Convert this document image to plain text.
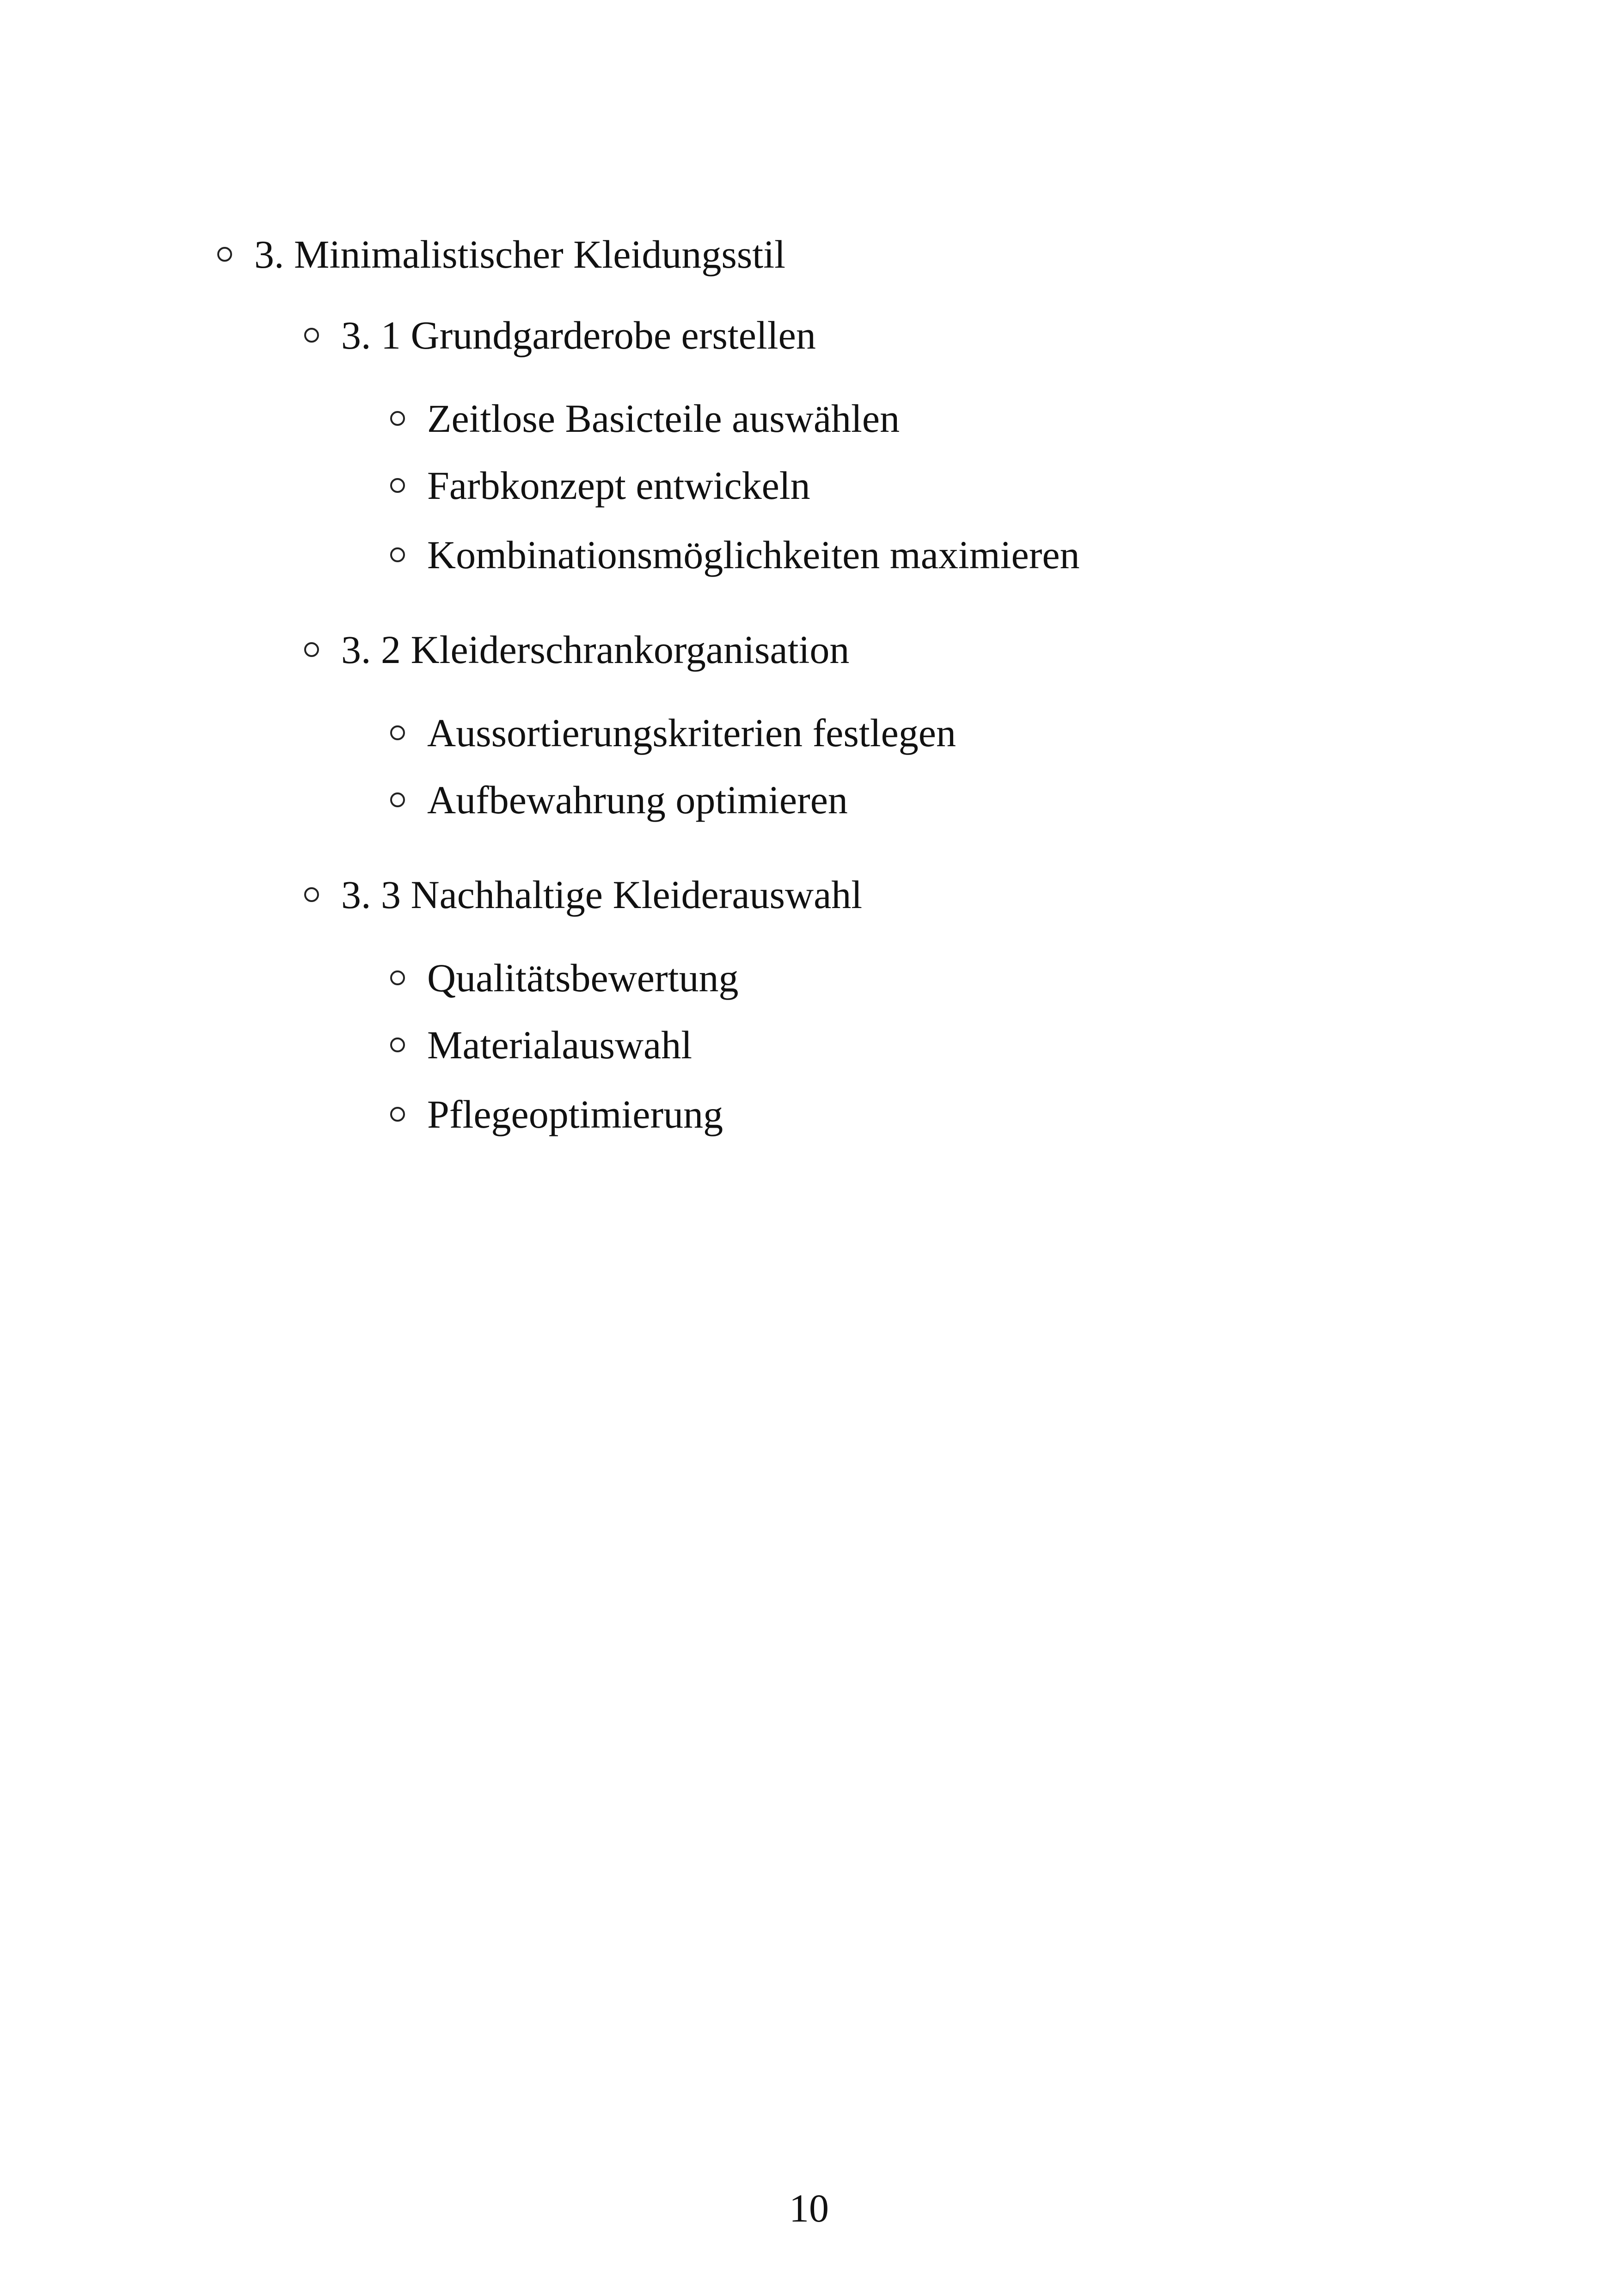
3. Minimalistischer Kleidungsstil
3. 1 Grundgarderobe erstellen
Zeitlose Basicteile auswählen
Farbkonzept entwickeln
Kombinationsmöglichkeiten maximieren
3. 2 Kleiderschrankorganisation
Aussortierungskriterien festlegen
Aufbewahrung optimieren
3. 3 Nachhaltige Kleiderauswahl
Qualitätsbewertung
Materialauswahl
Pflegeoptimierung
10
